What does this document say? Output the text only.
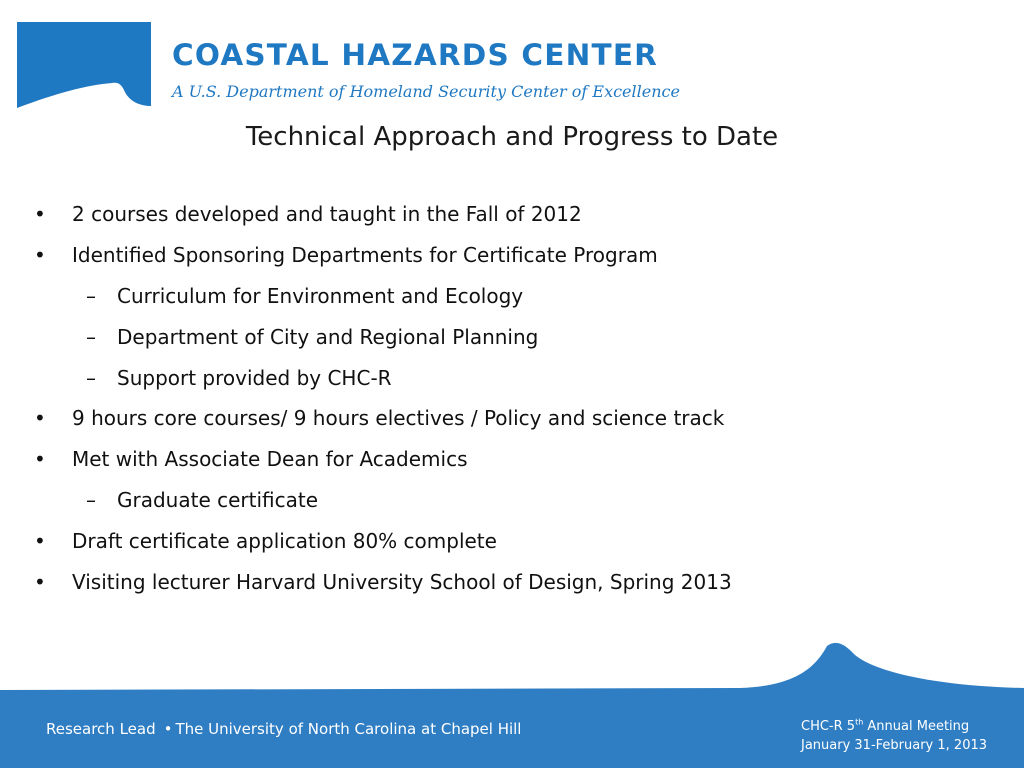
COASTAL HAZARDS CENTER

A U.S. Department of Homeland Security Center of Excellence

Technical Approach and Progress to Date
• 2 courses developed and taught in the Fall of 2012
• Identified Sponsoring Departments for Certificate Program
– Curriculum for Environment and Ecology
– Department of City and Regional Planning
– Support provided by CHC-R
• 9 hours core courses/ 9 hours electives / Policy and science track
• Met with Associate Dean for Academics
– Graduate certificate
• Draft certificate application 80% complete
• Visiting lecturer Harvard University School of Design, Spring 2013
Research Lead • The University of North Carolina at Chapel Hill	CHC-R 5th Annual Meeting
January 31-February 1, 2013
